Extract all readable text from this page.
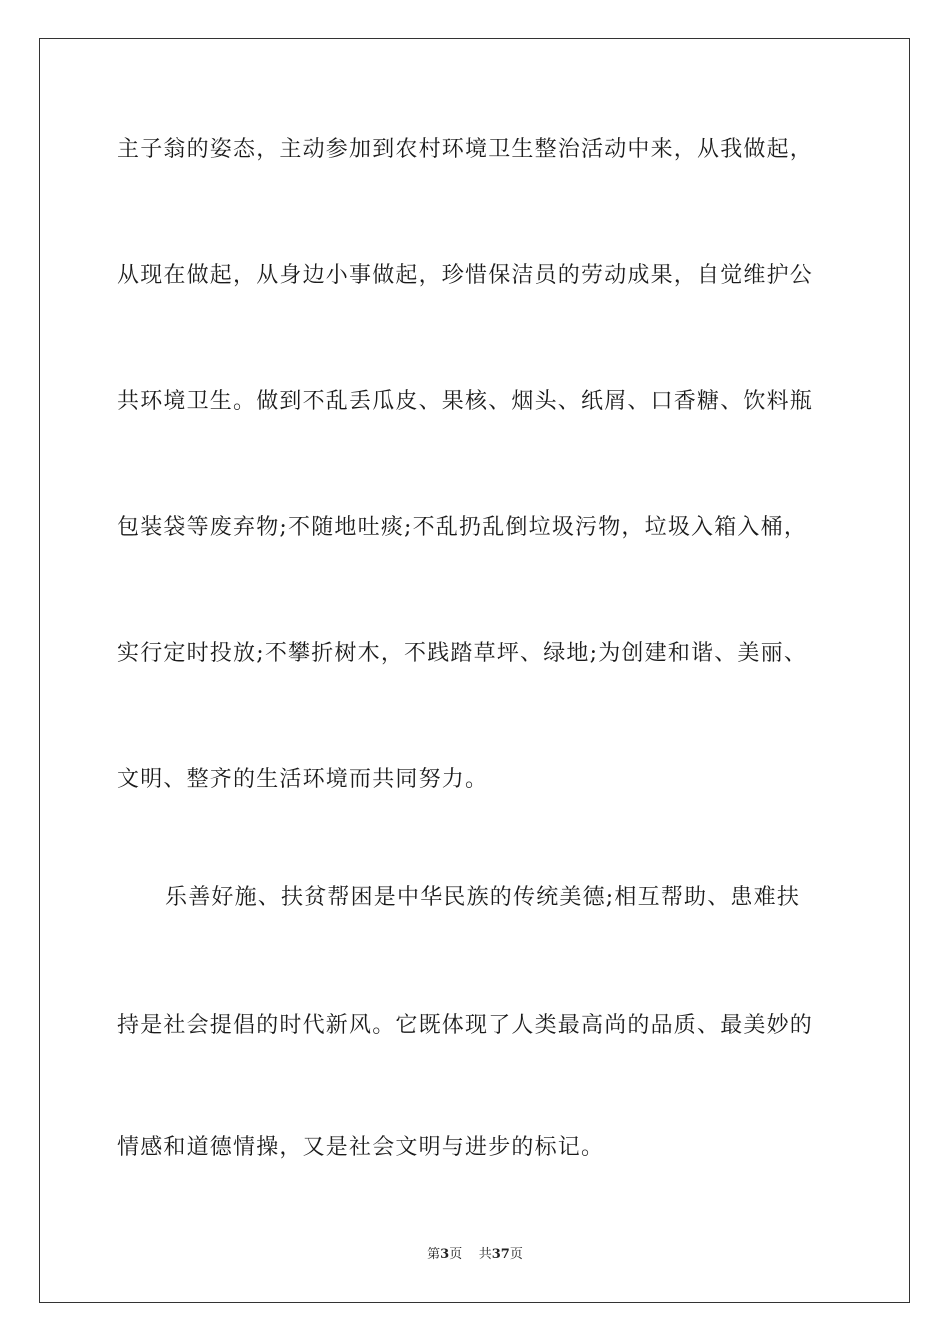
主子翁的姿态，主动参加到农村环境卫生整治活动中来，从我做起，
从现在做起，从身边小事做起，珍惜保洁员的劳动成果，自觉维护公
共环境卫生。做到不乱丢瓜皮、果核、烟头、纸屑、口香糖、饮料瓶
包装袋等废弃物;不随地吐痰;不乱扔乱倒垃圾污物，垃圾入箱入桶，
实行定时投放;不攀折树木，不践踏草坪、绿地;为创建和谐、美丽、
文明、整齐的生活环境而共同努力。
乐善好施、扶贫帮困是中华民族的传统美德;相互帮助、患难扶
持是社会提倡的时代新风。它既体现了人类最高尚的品质、最美妙的
情感和道德情操，又是社会文明与进步的标记。
第3页 共37页
